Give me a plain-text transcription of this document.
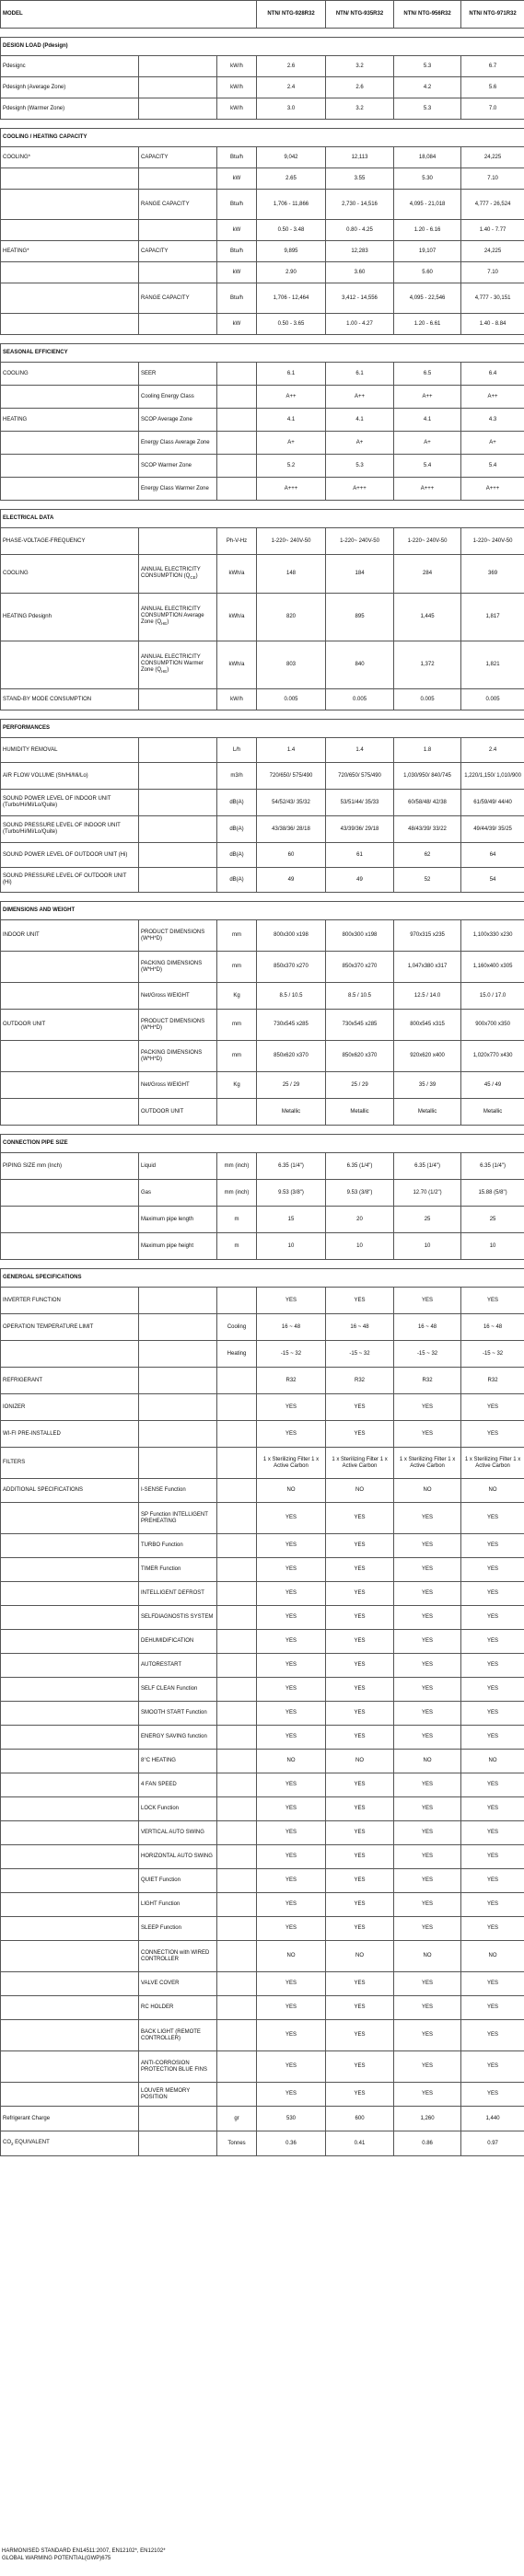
MODEL			NTN/ NTG-928R32	NTN/ NTG-935R32	NTN/ NTG-956R32	NTN/ NTG-971R32

DESIGN LOAD (Pdesign)						
Pdesignc		kW/h	2.6	3.2	5.3	6.7
Pdesignh (Average Zone)		kW/h	2.4	2.6	4.2	5.6
Pdesignh (Warmer Zone)		kW/h	3.0	3.2	5.3	7.0

COOLING / HEATING CAPACITY						
COOLING*	CAPACITY	Btu/h	9,042	12,113	18,084	24,225
		kW	2.65	3.55	5.30	7.10
	RANGE CAPACITY	Btu/h	1,706 - 11,866	2,730 - 14,516	4,095 - 21,018	4,777 - 26,524
		kW	0.50 - 3.48	0.80 - 4.25	1.20 - 6.16	1.40 - 7.77
HEATING*	CAPACITY	Btu/h	9,895	12,283	19,107	24,225
		kW	2.90	3.60	5.60	7.10
	RANGE CAPACITY	Btu/h	1,706 - 12,464	3,412 - 14,556	4,095 - 22,546	4,777 - 30,151
		kW	0.50 - 3.65	1.00 - 4.27	1.20 - 6.61	1.40 - 8.84

SEASONAL EFFICIENCY						
COOLING	SEER		6.1	6.1	6.5	6.4
	Cooling Energy Class		A++	A++	A++	A++
HEATING	SCOP Average Zone		4.1	4.1	4.1	4.3
	Energy Class Average Zone		A+	A+	A+	A+
	SCOP Warmer Zone		5.2	5.3	5.4	5.4
	Energy Class Warmer Zone		A+++	A+++	A+++	A+++

ELECTRICAL DATA						
PHASE-VOLTAGE-FREQUENCY		Ph-V-Hz	1-220~ 240V-50	1-220~ 240V-50	1-220~ 240V-50	1-220~ 240V-50
COOLING	ANNUAL ELECTRICITY CONSUMPTION $(Q_{CE})$	kWh/a	148	184	284	369
HEATING Pdesignh	ANNUAL ELECTRICITY CONSUMPTION Average Zone $(Q_{HE})$	kWh/a	820	895	1,445	1,817
	ANNUAL ELECTRICITY CONSUMPTION Warmer Zone $(Q_{HE})$	kWh/a	803	840	1,372	1,821
STAND-BY MODE CONSUMPTION		kW/h	0.005	0.005	0.005	0.005

PERFORMANCES						
HUMIDITY REMOVAL		L/h	1.4	1.4	1.8	2.4
AIR FLOW VOLUME (Sh/Hi/Mi/Lo)		m3/h	720/650/ 575/490	720/650/ 575/490	1,030/950/ 840/745	1,220/1,150/ 1,010/900
SOUND POWER LEVEL OF INDOOR UNIT (Turbo/Hi/Mi/Lo/Quite)		dB(A)	54/52/43/ 35/32	53/51/44/ 35/33	60/58/48/ 42/38	61/59/49/ 44/40
SOUND PRESSURE LEVEL OF INDOOR UNIT (Turbo/Hi/Mi/Lo/Quite)		dB(A)	43/38/36/ 28/18	43/39/36/ 29/18	48/43/39/ 33/22	49/44/39/ 35/25
SOUND POWER LEVEL OF OUTDOOR UNIT (Hi)		dB(A)	60	61	62	64
SOUND PRESSURE LEVEL OF OUTDOOR UNIT (Hi)		dB(A)	49	49	52	54

DIMENSIONS AND WEIGHT						
INDOOR UNIT	PRODUCT DIMENSIONS (W*H*D)	mm	800x300 x198	800x300 x198	970x315 x235	1,100x330 x230
	PACKING DIMENSIONS (W*H*D)	mm	850x370 x270	850x370 x270	1,047x380 x317	1,160x400 x305
	Net/Gross WEIGHT	Kg	8.5 / 10.5	8.5 / 10.5	12.5 / 14.0	15.0 / 17.0
OUTDOOR UNIT	PRODUCT DIMENSIONS (W*H*D)	mm	730x545 x285	730x545 x285	800x545 x315	900x700 x350
	PACKING DIMENSIONS (W*H*D)	mm	850x620 x370	850x620 x370	920x620 x400	1,020x770 x430
	Net/Gross WEIGHT	Kg	25 / 29	25 / 29	35 / 39	45 / 49
	OUTDOOR UNIT		Metallic	Metallic	Metallic	Metallic

CONNECTION PIPE SIZE						
PIPING SIZE mm (Inch)	Liquid	mm (inch)	6.35 (1/4")	6.35 (1/4")	6.35 (1/4")	6.35 (1/4")
	Gas	mm (inch)	9.53 (3/8")	9.53 (3/8")	12.70 (1/2")	15.88 (5/8")
	Maximum pipe length	m	15	20	25	25
	Maximum pipe height	m	10	10	10	10

GENERGAL SPECIFICATIONS						
INVERTER FUNCTION			YES	YES	YES	YES
OPERATION TEMPERATURE LIMIT		Cooling	16 ~ 48	16 ~ 48	16 ~ 48	16 ~ 48
		Heating	-15 ~ 32	-15 ~ 32	-15 ~ 32	-15 ~ 32
REFRIGERANT			R32	R32	R32	R32
IONIZER			YES	YES	YES	YES
WI-FI PRE-INSTALLED			YES	YES	YES	YES
FILTERS			1 x Sterilizing Filter 1 x Active Carbon	1 x Sterilizing Filter 1 x Active Carbon	1 x Sterilizing Filter 1 x Active Carbon	1 x Sterilizing Filter 1 x Active Carbon
ADDITIONAL SPECIFICATIONS	I-SENSE Function		NO	NO	NO	NO
	SP Function INTELLIGENT PREHEATING		YES	YES	YES	YES
	TURBO Function		YES	YES	YES	YES
	TIMER Function		YES	YES	YES	YES
	INTELLIGENT DEFROST		YES	YES	YES	YES
	SELFDIAGNOSTIS SYSTEM		YES	YES	YES	YES
	DEHUMIDIFICATION		YES	YES	YES	YES
	AUTORESTART		YES	YES	YES	YES
	SELF CLEAN Function		YES	YES	YES	YES
	SMOOTH START Function		YES	YES	YES	YES
	ENERGY SAVING function		YES	YES	YES	YES
	8°C HEATING		NO	NO	NO	NO
	4 FAN SPEED		YES	YES	YES	YES
	LOCK Function		YES	YES	YES	YES
	VERTICAL AUTO SWING		YES	YES	YES	YES
	HORIZONTAL AUTO SWING		YES	YES	YES	YES
	QUIET Function		YES	YES	YES	YES
	LIGHT Function		YES	YES	YES	YES
	SLEEP Function		YES	YES	YES	YES
	CONNECTION with WIRED CONTROLLER		NO	NO	NO	NO
	VALVE COVER		YES	YES	YES	YES
	RC HOLDER		YES	YES	YES	YES
	BACK LIGHT (REMOTE CONTROLLER)		YES	YES	YES	YES
	ANTI-CORROSION PROTECTION BLUE FINS		YES	YES	YES	YES
	LOUVER MEMORY POSITION		YES	YES	YES	YES
Refrigerant Charge		gr	530	600	1,260	1,440
$CO_2$ EQUIVALENT		Tonnes	0.36	0.41	0.86	0.97
HARMONISED STANDARD EN14511:2007, EN12102*, EN12102*
GLOBAL WARMING POTENTIAL(GWP)675
